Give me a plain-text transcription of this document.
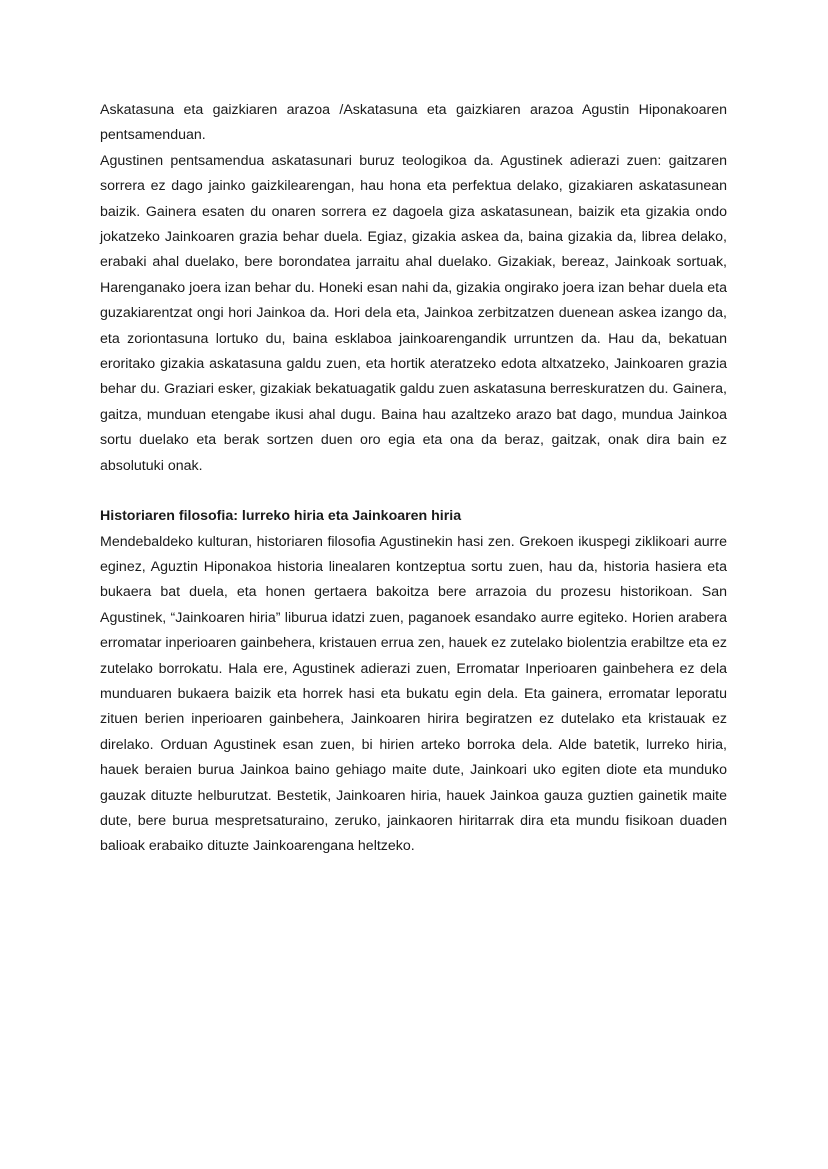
Askatasuna eta gaizkiaren arazoa /Askatasuna eta gaizkiaren arazoa Agustin Hiponakoaren pentsamenduan.

Agustinen pentsamendua askatasunari buruz teologikoa da. Agustinek adierazi zuen: gaitzaren sorrera ez dago jainko gaizkilearengan, hau hona eta perfektua delako, gizakiaren askatasunean baizik. Gainera esaten du onaren sorrera ez dagoela giza askatasunean, baizik eta gizakia ondo jokatzeko Jainkoaren grazia behar duela. Egiaz, gizakia askea da, baina gizakia da, librea delako, erabaki ahal duelako, bere borondatea jarraitu ahal duelako. Gizakiak, bereaz, Jainkoak sortuak, Harenganako joera izan behar du. Honeki esan nahi da, gizakia ongirako joera izan behar duela eta guzakiarentzat ongi hori Jainkoa da. Hori dela eta, Jainkoa zerbitzatzen duenean askea izango da, eta zoriontasuna lortuko du, baina esklaboa jainkoarengandik urruntzen da. Hau da, bekatuan eroritako gizakia askatasuna galdu zuen, eta hortik ateratzeko edota altxatzeko, Jainkoaren grazia behar du. Graziari esker, gizakiak bekatuagatik galdu zuen askatasuna berreskuratzen du. Gainera, gaitza, munduan etengabe ikusi ahal dugu. Baina hau azaltzeko arazo bat dago, mundua Jainkoa sortu duelako eta berak sortzen duen oro egia eta ona da beraz, gaitzak, onak dira bain ez absolutuki onak.

Historiaren filosofia: lurreko hiria eta Jainkoaren hiria

Mendebaldeko kulturan, historiaren filosofia Agustinekin hasi zen. Grekoen ikuspegi ziklikoari aurre eginez, Aguztin Hiponakoa historia linealaren kontzeptua sortu zuen, hau da, historia hasiera eta bukaera bat duela, eta honen gertaera bakoitza bere arrazoia du prozesu historikoan. San Agustinek, “Jainkoaren hiria” liburua idatzi zuen, paganoek esandako aurre egiteko. Horien arabera erromatar inperioaren gainbehera, kristauen errua zen, hauek ez zutelako biolentzia erabiltze eta ez zutelako borrokatu. Hala ere, Agustinek adierazi zuen, Erromatar Inperioaren gainbehera ez dela munduaren bukaera baizik eta horrek hasi eta bukatu egin dela. Eta gainera, erromatar leporatu zituen berien inperioaren gainbehera, Jainkoaren hirira begiratzen ez dutelako eta kristauak ez direlako. Orduan Agustinek esan zuen, bi hirien arteko borroka dela. Alde batetik, lurreko hiria, hauek beraien burua Jainkoa baino gehiago maite dute, Jainkoari uko egiten diote eta munduko gauzak dituzte helburutzat. Bestetik, Jainkoaren hiria, hauek Jainkoa gauza guztien gainetik maite dute, bere burua mespretsaturaino, zeruko, jainkaoren hiritarrak dira eta mundu fisikoan duaden balioak erabaiko dituzte Jainkoarengana heltzeko.
